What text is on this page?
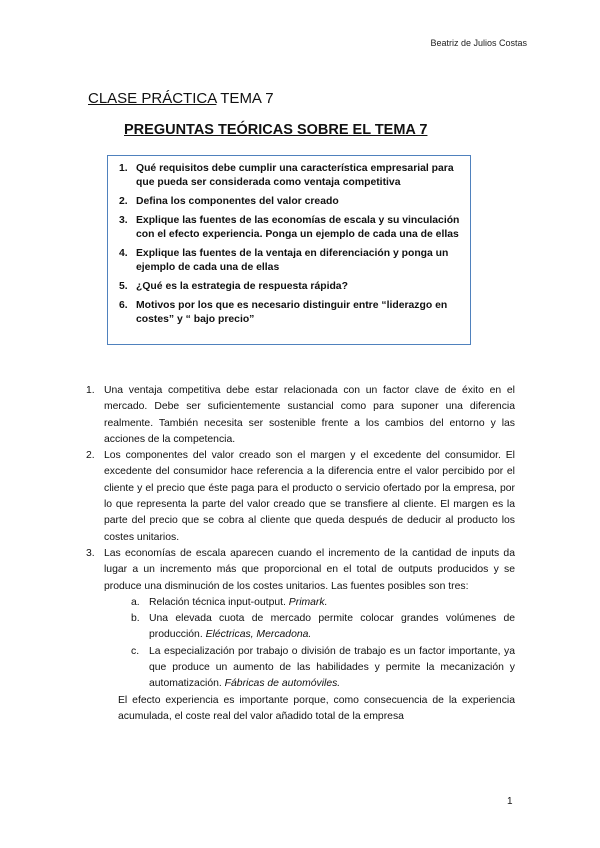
Beatriz de Julios Costas
CLASE PRÁCTICA TEMA 7
PREGUNTAS TEÓRICAS SOBRE EL TEMA 7
1. Qué requisitos debe cumplir una característica empresarial para que pueda ser considerada como ventaja competitiva
2. Defina los componentes del valor creado
3. Explique las fuentes de las economías de escala y su vinculación con el efecto experiencia. Ponga un ejemplo de cada una de ellas
4. Explique las fuentes de la ventaja en diferenciación y ponga un ejemplo de cada una de ellas
5. ¿Qué es la estrategia de respuesta rápida?
6. Motivos por los que es necesario distinguir entre “liderazgo en costes” y “ bajo precio”
1. Una ventaja competitiva debe estar relacionada con un factor clave de éxito en el mercado. Debe ser suficientemente sustancial como para suponer una diferencia realmente. También necesita ser sostenible frente a los cambios del entorno y las acciones de la competencia.
2. Los componentes del valor creado son el margen y el excedente del consumidor. El excedente del consumidor hace referencia a la diferencia entre el valor percibido por el cliente y el precio que éste paga para el producto o servicio ofertado por la empresa, por lo que representa la parte del valor creado que se transfiere al cliente. El margen es la parte del precio que se cobra al cliente que queda después de deducir al producto los costes unitarios.
3. Las economías de escala aparecen cuando el incremento de la cantidad de inputs da lugar a un incremento más que proporcional en el total de outputs producidos y se produce una disminución de los costes unitarios. Las fuentes posibles son tres:
a. Relación técnica input-output. Primark.
b. Una elevada cuota de mercado permite colocar grandes volúmenes de producción. Eléctricas, Mercadona.
c. La especialización por trabajo o división de trabajo es un factor importante, ya que produce un aumento de las habilidades y permite la mecanización y automatización. Fábricas de automóviles.
El efecto experiencia es importante porque, como consecuencia de la experiencia acumulada, el coste real del valor añadido total de la empresa
1
